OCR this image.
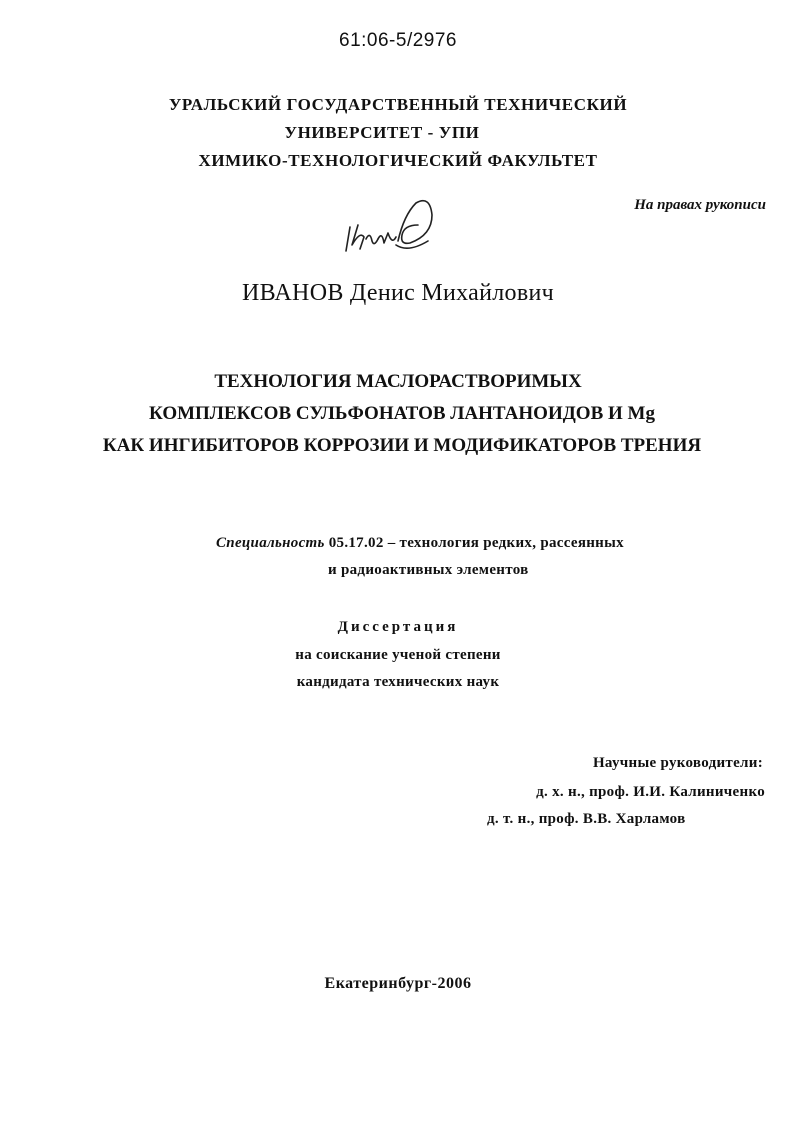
61:06-5/2976
УРАЛЬСКИЙ ГОСУДАРСТВЕННЫЙ ТЕХНИЧЕСКИЙ
УНИВЕРСИТЕТ - УПИ
ХИМИКО-ТЕХНОЛОГИЧЕСКИЙ ФАКУЛЬТЕТ
На правах рукописи
ИВАНОВ Денис Михайлович
ТЕХНОЛОГИЯ МАСЛОРАСТВОРИМЫХ
КОМПЛЕКСОВ СУЛЬФОНАТОВ ЛАНТАНОИДОВ И Mg
КАК ИНГИБИТОРОВ КОРРОЗИИ И МОДИФИКАТОРОВ ТРЕНИЯ
Специальность 05.17.02 – технология редких, рассеянных
и радиоактивных элементов
Диссертация
на соискание ученой степени
кандидата технических наук
Научные руководители:
д. х. н., проф. И.И. Калиниченко
д. т. н., проф. В.В. Харламов
Екатеринбург-2006
